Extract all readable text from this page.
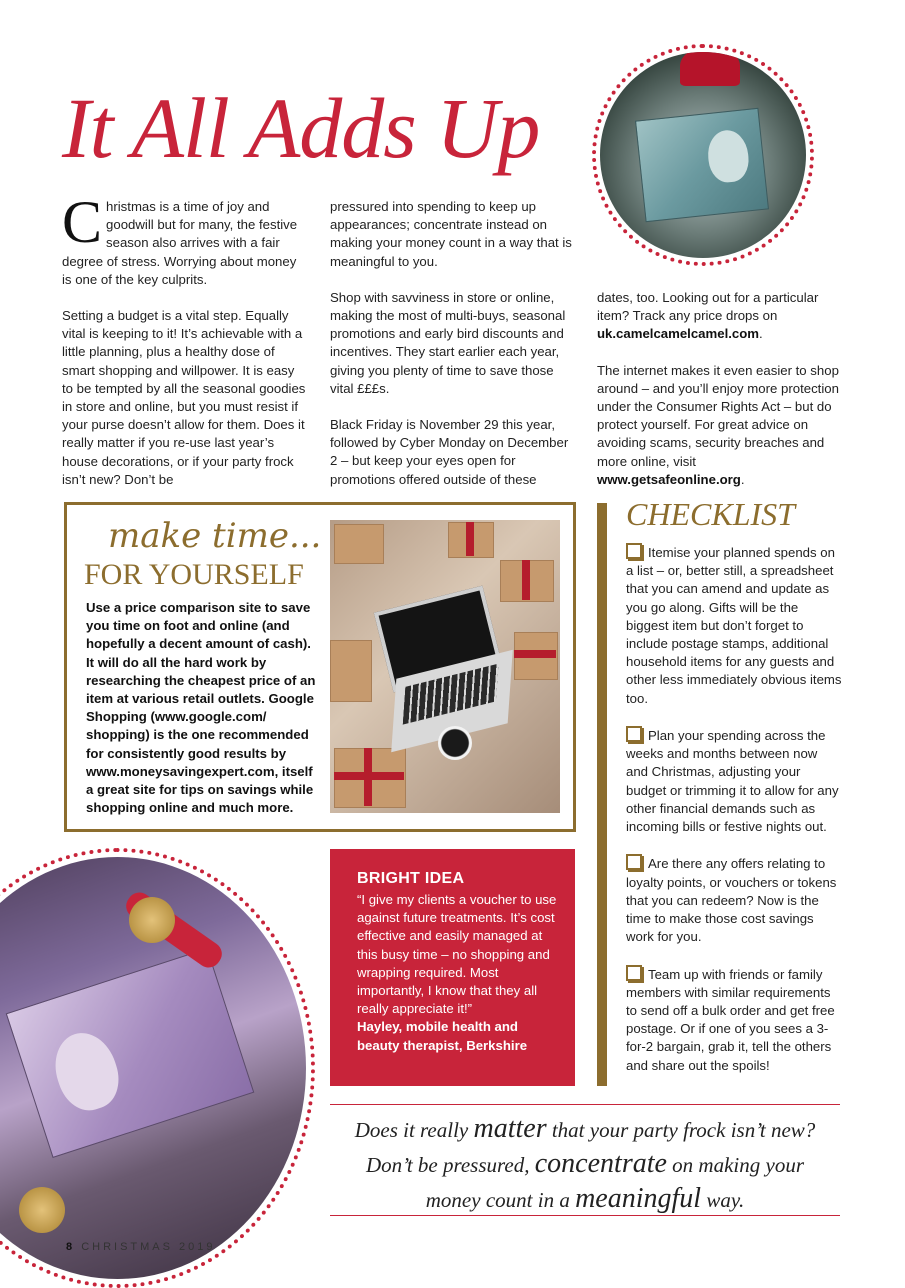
It All Adds Up

Christmas is a time of joy and goodwill but for many, the festive season also arrives with a fair degree of stress. Worrying about money is one of the key culprits.

Setting a budget is a vital step. Equally vital is keeping to it! It’s achievable with a little planning, plus a healthy dose of smart shopping and willpower. It is easy to be tempted by all the seasonal goodies in store and online, but you must resist if your purse doesn’t allow for them. Does it really matter if you re-use last year’s house decorations, or if your party frock isn’t new? Don’t be

pressured into spending to keep up appearances; concentrate instead on making your money count in a way that is meaningful to you.

Shop with savviness in store or online, making the most of multi-buys, seasonal promotions and early bird discounts and incentives. They start earlier each year, giving you plenty of time to save those vital £££s.

Black Friday is November 29 this year, followed by Cyber Monday on December 2 – but keep your eyes open for promotions offered outside of these

dates, too. Looking out for a particular item? Track any price drops on uk.camelcamelcamel.com.

The internet makes it even easier to shop around – and you’ll enjoy more protection under the Consumer Rights Act – but do protect yourself. For great advice on avoiding scams, security breaches and more online, visit www.getsafeonline.org.

make time...
FOR YOURSELF
Use a price comparison site to save you time on foot and online (and hopefully a decent amount of cash). It will do all the hard work by researching the cheapest price of an item at various retail outlets. Google Shopping (www.google.com/ shopping) is the one recommended for consistently good results by www.moneysavingexpert.com, itself a great site for tips on savings while shopping online and much more.
BRIGHT IDEA
“I give my clients a voucher to use against future treatments. It’s cost effective and easily managed at this busy time – no shopping and wrapping required. Most importantly, I know that they all really appreciate it!”
Hayley, mobile health and beauty therapist, Berkshire
CHECKLIST
Itemise your planned spends on a list – or, better still, a spreadsheet that you can amend and update as you go along. Gifts will be the biggest item but don’t forget to include postage stamps, additional household items for any guests and other less immediately obvious items too.
Plan your spending across the weeks and months between now and Christmas, adjusting your budget or trimming it to allow for any other financial demands such as incoming bills or festive nights out.
Are there any offers relating to loyalty points, or vouchers or tokens that you can redeem? Now is the time to make those cost savings work for you.
Team up with friends or family members with similar requirements to send off a bulk order and get free postage. Or if one of you sees a 3-for-2 bargain, grab it, tell the others and share out the spoils!
Does it really matter that your party frock isn’t new?
Don’t be pressured, concentrate on making your
money count in a meaningful way.
8 CHRISTMAS 2019
